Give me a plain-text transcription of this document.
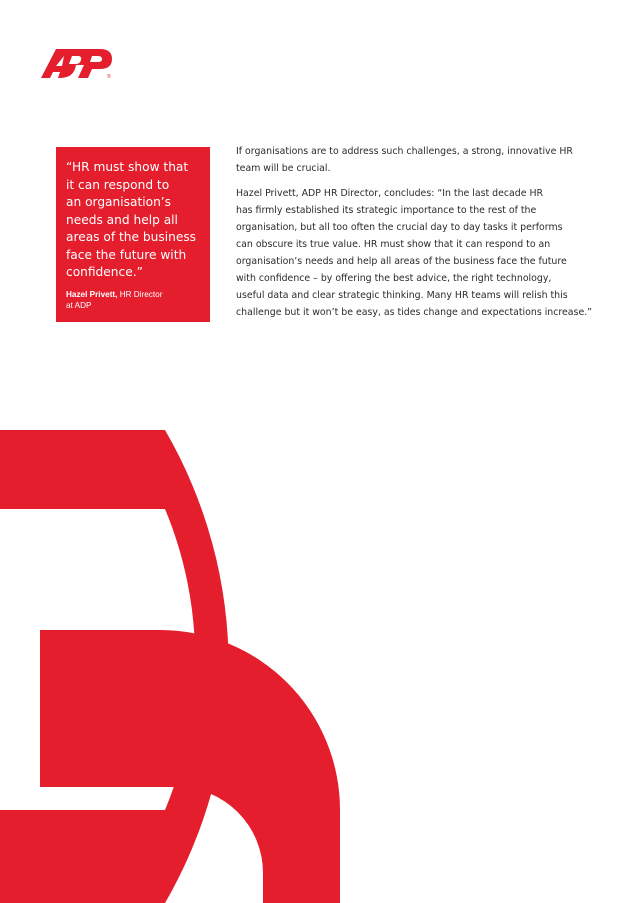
®
“HR must show that
it can respond to
an organisation’s
needs and help all
areas of the business
face the future with
confidence.”
Hazel Privett, HR Director
at ADP
If organisations are to address such challenges, a strong, innovative HR
team will be crucial.
Hazel Privett, ADP HR Director, concludes: “In the last decade HR
has firmly established its strategic importance to the rest of the
organisation, but all too often the crucial day to day tasks it performs
can obscure its true value. HR must show that it can respond to an
organisation’s needs and help all areas of the business face the future
with confidence – by offering the best advice, the right technology,
useful data and clear strategic thinking. Many HR teams will relish this
challenge but it won’t be easy, as tides change and expectations increase.”
18 The Role of HR
